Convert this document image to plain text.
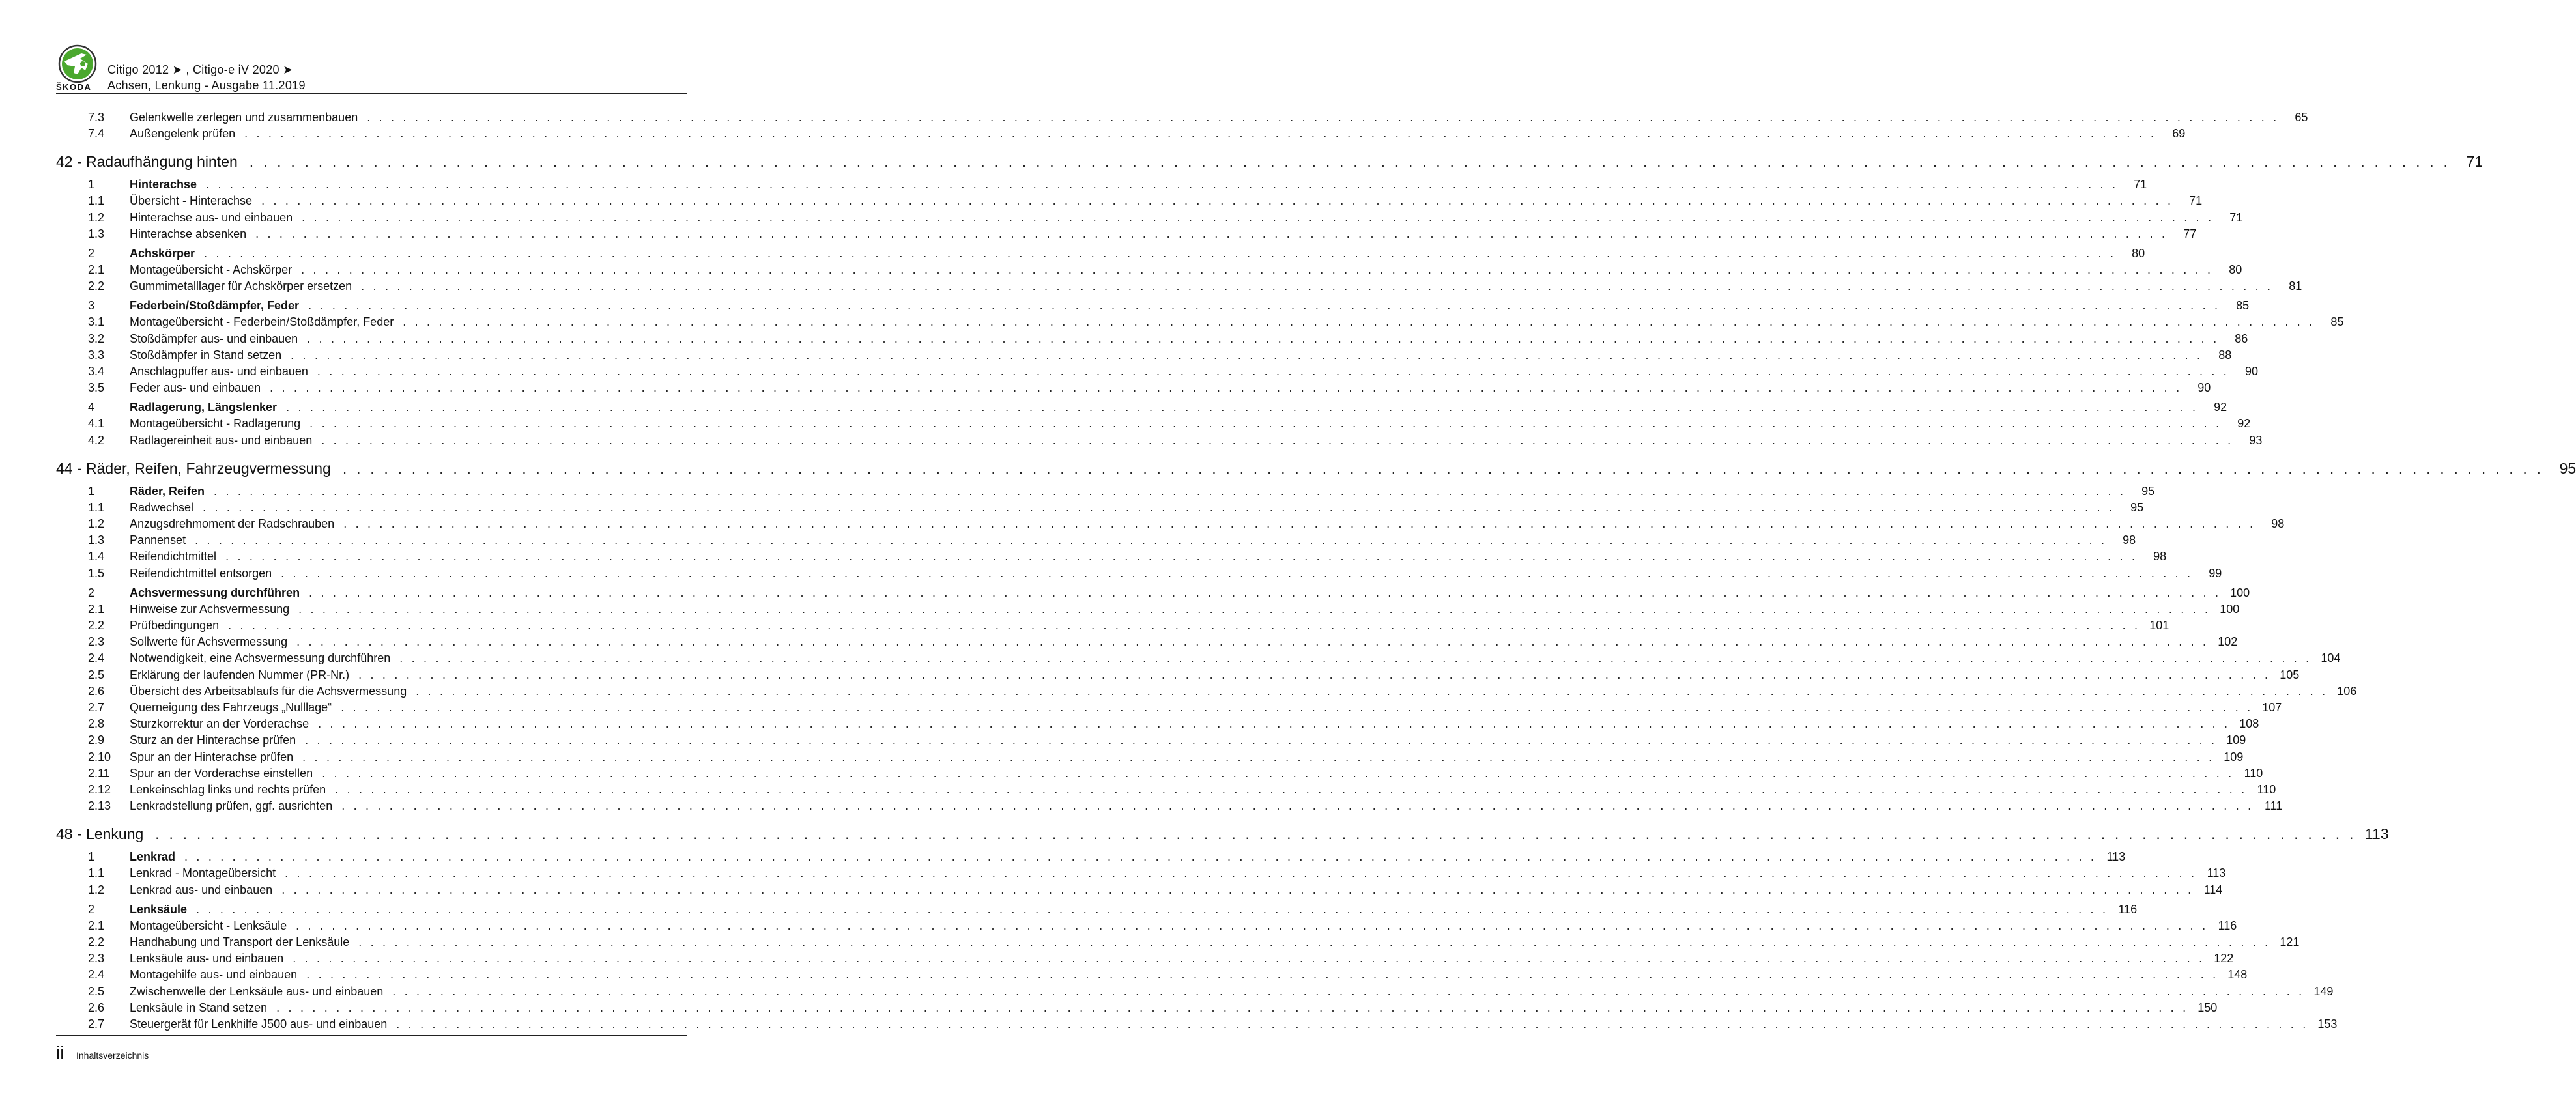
ŠKODA
Citigo 2012 ➤ , Citigo-e iV 2020 ➤
Achsen, Lenkung - Ausgabe 11.2019
7.3	Gelenkwelle zerlegen und zusammenbauen . . . . . . . . . . . . . . . . . . . . . . . . . . . . . . . . . . . . . . . . . . . . . . . . . . . . . . . . . . . . . . . . . . . . . . . . . . . . . . . . . . . . . . . . . . . . . . . . . . . . . . . . . . . . . . . . . . . . . . . . . . . . . . . . . . . . . . . . . . . . . . . . . . . . . . . . . . . . . . . .	65
7.4	Außengelenk prüfen . . . . . . . . . . . . . . . . . . . . . . . . . . . . . . . . . . . . . . . . . . . . . . . . . . . . . . . . . . . . . . . . . . . . . . . . . . . . . . . . . . . . . . . . . . . . . . . . . . . . . . . . . . . . . . . . . . . . . . . . . . . . . . . . . . . . . . . . . . . . . . . . . . . . . . . . . . . . . . . .	69
42 - Radaufhängung hinten . . . . . . . . . . . . . . . . . . . . . . . . . . . . . . . . . . . . . . . . . . . . . . . . . . . . . . . . . . . . . . . . . . . . . . . . . . . . . . . . . . . . . . . . . . . . . . . . . . . . . . . . . . . . . . . . . . . . . . . . . . . . . . . . . . . . . . . . . . . . . . . . . . . . . . . . . . . . . . . .	71
1	Hinterachse . . . . . . . . . . . . . . . . . . . . . . . . . . . . . . . . . . . . . . . . . . . . . . . . . . . . . . . . . . . . . . . . . . . . . . . . . . . . . . . . . . . . . . . . . . . . . . . . . . . . . . . . . . . . . . . . . . . . . . . . . . . . . . . . . . . . . . . . . . . . . . . . . . . . . . . . . . . . . . . .	71
1.1	Übersicht - Hinterachse . . . . . . . . . . . . . . . . . . . . . . . . . . . . . . . . . . . . . . . . . . . . . . . . . . . . . . . . . . . . . . . . . . . . . . . . . . . . . . . . . . . . . . . . . . . . . . . . . . . . . . . . . . . . . . . . . . . . . . . . . . . . . . . . . . . . . . . . . . . . . . . . . . . . . . . . . . . . . . . .	71
1.2	Hinterachse aus- und einbauen . . . . . . . . . . . . . . . . . . . . . . . . . . . . . . . . . . . . . . . . . . . . . . . . . . . . . . . . . . . . . . . . . . . . . . . . . . . . . . . . . . . . . . . . . . . . . . . . . . . . . . . . . . . . . . . . . . . . . . . . . . . . . . . . . . . . . . . . . . . . . . . . . . . . . . . . . . . . . . . .	71
1.3	Hinterachse absenken . . . . . . . . . . . . . . . . . . . . . . . . . . . . . . . . . . . . . . . . . . . . . . . . . . . . . . . . . . . . . . . . . . . . . . . . . . . . . . . . . . . . . . . . . . . . . . . . . . . . . . . . . . . . . . . . . . . . . . . . . . . . . . . . . . . . . . . . . . . . . . . . . . . . . . . . . . . . . . . .	77
2	Achskörper . . . . . . . . . . . . . . . . . . . . . . . . . . . . . . . . . . . . . . . . . . . . . . . . . . . . . . . . . . . . . . . . . . . . . . . . . . . . . . . . . . . . . . . . . . . . . . . . . . . . . . . . . . . . . . . . . . . . . . . . . . . . . . . . . . . . . . . . . . . . . . . . . . . . . . . . . . . . . . . .	80
2.1	Montageübersicht - Achskörper . . . . . . . . . . . . . . . . . . . . . . . . . . . . . . . . . . . . . . . . . . . . . . . . . . . . . . . . . . . . . . . . . . . . . . . . . . . . . . . . . . . . . . . . . . . . . . . . . . . . . . . . . . . . . . . . . . . . . . . . . . . . . . . . . . . . . . . . . . . . . . . . . . . . . . . . . . . . . . . .	80
2.2	Gummimetalllager für Achskörper ersetzen . . . . . . . . . . . . . . . . . . . . . . . . . . . . . . . . . . . . . . . . . . . . . . . . . . . . . . . . . . . . . . . . . . . . . . . . . . . . . . . . . . . . . . . . . . . . . . . . . . . . . . . . . . . . . . . . . . . . . . . . . . . . . . . . . . . . . . . . . . . . . . . . . . . . . . . . . . . . . . . .	81
3	Federbein/Stoßdämpfer, Feder . . . . . . . . . . . . . . . . . . . . . . . . . . . . . . . . . . . . . . . . . . . . . . . . . . . . . . . . . . . . . . . . . . . . . . . . . . . . . . . . . . . . . . . . . . . . . . . . . . . . . . . . . . . . . . . . . . . . . . . . . . . . . . . . . . . . . . . . . . . . . . . . . . . . . . . . . . . . . . . .	85
3.1	Montageübersicht - Federbein/Stoßdämpfer, Feder . . . . . . . . . . . . . . . . . . . . . . . . . . . . . . . . . . . . . . . . . . . . . . . . . . . . . . . . . . . . . . . . . . . . . . . . . . . . . . . . . . . . . . . . . . . . . . . . . . . . . . . . . . . . . . . . . . . . . . . . . . . . . . . . . . . . . . . . . . . . . . . . . . . . . . . . . . . . . . . .	85
3.2	Stoßdämpfer aus- und einbauen . . . . . . . . . . . . . . . . . . . . . . . . . . . . . . . . . . . . . . . . . . . . . . . . . . . . . . . . . . . . . . . . . . . . . . . . . . . . . . . . . . . . . . . . . . . . . . . . . . . . . . . . . . . . . . . . . . . . . . . . . . . . . . . . . . . . . . . . . . . . . . . . . . . . . . . . . . . . . . . .	86
3.3	Stoßdämpfer in Stand setzen . . . . . . . . . . . . . . . . . . . . . . . . . . . . . . . . . . . . . . . . . . . . . . . . . . . . . . . . . . . . . . . . . . . . . . . . . . . . . . . . . . . . . . . . . . . . . . . . . . . . . . . . . . . . . . . . . . . . . . . . . . . . . . . . . . . . . . . . . . . . . . . . . . . . . . . . . . . . . . . .	88
3.4	Anschlagpuffer aus- und einbauen . . . . . . . . . . . . . . . . . . . . . . . . . . . . . . . . . . . . . . . . . . . . . . . . . . . . . . . . . . . . . . . . . . . . . . . . . . . . . . . . . . . . . . . . . . . . . . . . . . . . . . . . . . . . . . . . . . . . . . . . . . . . . . . . . . . . . . . . . . . . . . . . . . . . . . . . . . . . . . . .	90
3.5	Feder aus- und einbauen . . . . . . . . . . . . . . . . . . . . . . . . . . . . . . . . . . . . . . . . . . . . . . . . . . . . . . . . . . . . . . . . . . . . . . . . . . . . . . . . . . . . . . . . . . . . . . . . . . . . . . . . . . . . . . . . . . . . . . . . . . . . . . . . . . . . . . . . . . . . . . . . . . . . . . . . . . . . . . . .	90
4	Radlagerung, Längslenker . . . . . . . . . . . . . . . . . . . . . . . . . . . . . . . . . . . . . . . . . . . . . . . . . . . . . . . . . . . . . . . . . . . . . . . . . . . . . . . . . . . . . . . . . . . . . . . . . . . . . . . . . . . . . . . . . . . . . . . . . . . . . . . . . . . . . . . . . . . . . . . . . . . . . . . . . . . . . . . .	92
4.1	Montageübersicht - Radlagerung . . . . . . . . . . . . . . . . . . . . . . . . . . . . . . . . . . . . . . . . . . . . . . . . . . . . . . . . . . . . . . . . . . . . . . . . . . . . . . . . . . . . . . . . . . . . . . . . . . . . . . . . . . . . . . . . . . . . . . . . . . . . . . . . . . . . . . . . . . . . . . . . . . . . . . . . . . . . . . . .	92
4.2	Radlagereinheit aus- und einbauen . . . . . . . . . . . . . . . . . . . . . . . . . . . . . . . . . . . . . . . . . . . . . . . . . . . . . . . . . . . . . . . . . . . . . . . . . . . . . . . . . . . . . . . . . . . . . . . . . . . . . . . . . . . . . . . . . . . . . . . . . . . . . . . . . . . . . . . . . . . . . . . . . . . . . . . . . . . . . . . .	93
44 - Räder, Reifen, Fahrzeugvermessung . . . . . . . . . . . . . . . . . . . . . . . . . . . . . . . . . . . . . . . . . . . . . . . . . . . . . . . . . . . . . . . . . . . . . . . . . . . . . . . . . . . . . . . . . . . . . . . . . . . . . . . . . . . . . . . . . . . . . . . . . . . . . . . . . . . . . . . . . . . . . . . . . . . . . . . . . . . . . . . .	95
1	Räder, Reifen . . . . . . . . . . . . . . . . . . . . . . . . . . . . . . . . . . . . . . . . . . . . . . . . . . . . . . . . . . . . . . . . . . . . . . . . . . . . . . . . . . . . . . . . . . . . . . . . . . . . . . . . . . . . . . . . . . . . . . . . . . . . . . . . . . . . . . . . . . . . . . . . . . . . . . . . . . . . . . . .	95
1.1	Radwechsel . . . . . . . . . . . . . . . . . . . . . . . . . . . . . . . . . . . . . . . . . . . . . . . . . . . . . . . . . . . . . . . . . . . . . . . . . . . . . . . . . . . . . . . . . . . . . . . . . . . . . . . . . . . . . . . . . . . . . . . . . . . . . . . . . . . . . . . . . . . . . . . . . . . . . . . . . . . . . . . .	95
1.2	Anzugsdrehmoment der Radschrauben . . . . . . . . . . . . . . . . . . . . . . . . . . . . . . . . . . . . . . . . . . . . . . . . . . . . . . . . . . . . . . . . . . . . . . . . . . . . . . . . . . . . . . . . . . . . . . . . . . . . . . . . . . . . . . . . . . . . . . . . . . . . . . . . . . . . . . . . . . . . . . . . . . . . . . . . . . . . . . . .	98
1.3	Pannenset . . . . . . . . . . . . . . . . . . . . . . . . . . . . . . . . . . . . . . . . . . . . . . . . . . . . . . . . . . . . . . . . . . . . . . . . . . . . . . . . . . . . . . . . . . . . . . . . . . . . . . . . . . . . . . . . . . . . . . . . . . . . . . . . . . . . . . . . . . . . . . . . . . . . . . . . . . . . . . . .	98
1.4	Reifendichtmittel . . . . . . . . . . . . . . . . . . . . . . . . . . . . . . . . . . . . . . . . . . . . . . . . . . . . . . . . . . . . . . . . . . . . . . . . . . . . . . . . . . . . . . . . . . . . . . . . . . . . . . . . . . . . . . . . . . . . . . . . . . . . . . . . . . . . . . . . . . . . . . . . . . . . . . . . . . . . . . . .	98
1.5	Reifendichtmittel entsorgen . . . . . . . . . . . . . . . . . . . . . . . . . . . . . . . . . . . . . . . . . . . . . . . . . . . . . . . . . . . . . . . . . . . . . . . . . . . . . . . . . . . . . . . . . . . . . . . . . . . . . . . . . . . . . . . . . . . . . . . . . . . . . . . . . . . . . . . . . . . . . . . . . . . . . . . . . . . . . . . .	99
2	Achsvermessung durchführen . . . . . . . . . . . . . . . . . . . . . . . . . . . . . . . . . . . . . . . . . . . . . . . . . . . . . . . . . . . . . . . . . . . . . . . . . . . . . . . . . . . . . . . . . . . . . . . . . . . . . . . . . . . . . . . . . . . . . . . . . . . . . . . . . . . . . . . . . . . . . . . . . . . . . . . . . . . . . . . . 100
2.1	Hinweise zur Achsvermessung . . . . . . . . . . . . . . . . . . . . . . . . . . . . . . . . . . . . . . . . . . . . . . . . . . . . . . . . . . . . . . . . . . . . . . . . . . . . . . . . . . . . . . . . . . . . . . . . . . . . . . . . . . . . . . . . . . . . . . . . . . . . . . . . . . . . . . . . . . . . . . . . . . . . . . . . . . . . . . . . 100
2.2	Prüfbedingungen . . . . . . . . . . . . . . . . . . . . . . . . . . . . . . . . . . . . . . . . . . . . . . . . . . . . . . . . . . . . . . . . . . . . . . . . . . . . . . . . . . . . . . . . . . . . . . . . . . . . . . . . . . . . . . . . . . . . . . . . . . . . . . . . . . . . . . . . . . . . . . . . . . . . . . . . . . . . . . . . 101
2.3	Sollwerte für Achsvermessung . . . . . . . . . . . . . . . . . . . . . . . . . . . . . . . . . . . . . . . . . . . . . . . . . . . . . . . . . . . . . . . . . . . . . . . . . . . . . . . . . . . . . . . . . . . . . . . . . . . . . . . . . . . . . . . . . . . . . . . . . . . . . . . . . . . . . . . . . . . . . . . . . . . . . . . . . . . . . . . . 102
2.4	Notwendigkeit, eine Achsvermessung durchführen . . . . . . . . . . . . . . . . . . . . . . . . . . . . . . . . . . . . . . . . . . . . . . . . . . . . . . . . . . . . . . . . . . . . . . . . . . . . . . . . . . . . . . . . . . . . . . . . . . . . . . . . . . . . . . . . . . . . . . . . . . . . . . . . . . . . . . . . . . . . . . . . . . . . . . . . . . . . . . . . 104
2.5	Erklärung der laufenden Nummer (PR-Nr.) . . . . . . . . . . . . . . . . . . . . . . . . . . . . . . . . . . . . . . . . . . . . . . . . . . . . . . . . . . . . . . . . . . . . . . . . . . . . . . . . . . . . . . . . . . . . . . . . . . . . . . . . . . . . . . . . . . . . . . . . . . . . . . . . . . . . . . . . . . . . . . . . . . . . . . . . . . . . . . . . 105
2.6	Übersicht des Arbeitsablaufs für die Achsvermessung . . . . . . . . . . . . . . . . . . . . . . . . . . . . . . . . . . . . . . . . . . . . . . . . . . . . . . . . . . . . . . . . . . . . . . . . . . . . . . . . . . . . . . . . . . . . . . . . . . . . . . . . . . . . . . . . . . . . . . . . . . . . . . . . . . . . . . . . . . . . . . . . . . . . . . . . . . . . . . . . 106
2.7	Querneigung des Fahrzeugs „Nulllage“ . . . . . . . . . . . . . . . . . . . . . . . . . . . . . . . . . . . . . . . . . . . . . . . . . . . . . . . . . . . . . . . . . . . . . . . . . . . . . . . . . . . . . . . . . . . . . . . . . . . . . . . . . . . . . . . . . . . . . . . . . . . . . . . . . . . . . . . . . . . . . . . . . . . . . . . . . . . . . . . . 107
2.8	Sturzkorrektur an der Vorderachse . . . . . . . . . . . . . . . . . . . . . . . . . . . . . . . . . . . . . . . . . . . . . . . . . . . . . . . . . . . . . . . . . . . . . . . . . . . . . . . . . . . . . . . . . . . . . . . . . . . . . . . . . . . . . . . . . . . . . . . . . . . . . . . . . . . . . . . . . . . . . . . . . . . . . . . . . . . . . . . . 108
2.9	Sturz an der Hinterachse prüfen . . . . . . . . . . . . . . . . . . . . . . . . . . . . . . . . . . . . . . . . . . . . . . . . . . . . . . . . . . . . . . . . . . . . . . . . . . . . . . . . . . . . . . . . . . . . . . . . . . . . . . . . . . . . . . . . . . . . . . . . . . . . . . . . . . . . . . . . . . . . . . . . . . . . . . . . . . . . . . . . 109
2.10	Spur an der Hinterachse prüfen . . . . . . . . . . . . . . . . . . . . . . . . . . . . . . . . . . . . . . . . . . . . . . . . . . . . . . . . . . . . . . . . . . . . . . . . . . . . . . . . . . . . . . . . . . . . . . . . . . . . . . . . . . . . . . . . . . . . . . . . . . . . . . . . . . . . . . . . . . . . . . . . . . . . . . . . . . . . . . . . 109
2.11	Spur an der Vorderachse einstellen . . . . . . . . . . . . . . . . . . . . . . . . . . . . . . . . . . . . . . . . . . . . . . . . . . . . . . . . . . . . . . . . . . . . . . . . . . . . . . . . . . . . . . . . . . . . . . . . . . . . . . . . . . . . . . . . . . . . . . . . . . . . . . . . . . . . . . . . . . . . . . . . . . . . . . . . . . . . . . . . 110
2.12	Lenkeinschlag links und rechts prüfen . . . . . . . . . . . . . . . . . . . . . . . . . . . . . . . . . . . . . . . . . . . . . . . . . . . . . . . . . . . . . . . . . . . . . . . . . . . . . . . . . . . . . . . . . . . . . . . . . . . . . . . . . . . . . . . . . . . . . . . . . . . . . . . . . . . . . . . . . . . . . . . . . . . . . . . . . . . . . . . . 110
2.13	Lenkradstellung prüfen, ggf. ausrichten . . . . . . . . . . . . . . . . . . . . . . . . . . . . . . . . . . . . . . . . . . . . . . . . . . . . . . . . . . . . . . . . . . . . . . . . . . . . . . . . . . . . . . . . . . . . . . . . . . . . . . . . . . . . . . . . . . . . . . . . . . . . . . . . . . . . . . . . . . . . . . . . . . . . . . . . . . . . . . . . 111
48 - Lenkung . . . . . . . . . . . . . . . . . . . . . . . . . . . . . . . . . . . . . . . . . . . . . . . . . . . . . . . . . . . . . . . . . . . . . . . . . . . . . . . . . . . . . . . . . . . . . . . . . . . . . . . . . . . . . . . . . . . . . . . . . . . . . . . . . . . . . . . . . . . . . . . . . . . . . . . . . . . . . . . . 113
1	Lenkrad . . . . . . . . . . . . . . . . . . . . . . . . . . . . . . . . . . . . . . . . . . . . . . . . . . . . . . . . . . . . . . . . . . . . . . . . . . . . . . . . . . . . . . . . . . . . . . . . . . . . . . . . . . . . . . . . . . . . . . . . . . . . . . . . . . . . . . . . . . . . . . . . . . . . . . . . . . . . . . . . 113
1.1	Lenkrad - Montageübersicht . . . . . . . . . . . . . . . . . . . . . . . . . . . . . . . . . . . . . . . . . . . . . . . . . . . . . . . . . . . . . . . . . . . . . . . . . . . . . . . . . . . . . . . . . . . . . . . . . . . . . . . . . . . . . . . . . . . . . . . . . . . . . . . . . . . . . . . . . . . . . . . . . . . . . . . . . . . . . . . . 113
1.2	Lenkrad aus- und einbauen . . . . . . . . . . . . . . . . . . . . . . . . . . . . . . . . . . . . . . . . . . . . . . . . . . . . . . . . . . . . . . . . . . . . . . . . . . . . . . . . . . . . . . . . . . . . . . . . . . . . . . . . . . . . . . . . . . . . . . . . . . . . . . . . . . . . . . . . . . . . . . . . . . . . . . . . . . . . . . . . 114
2	Lenksäule . . . . . . . . . . . . . . . . . . . . . . . . . . . . . . . . . . . . . . . . . . . . . . . . . . . . . . . . . . . . . . . . . . . . . . . . . . . . . . . . . . . . . . . . . . . . . . . . . . . . . . . . . . . . . . . . . . . . . . . . . . . . . . . . . . . . . . . . . . . . . . . . . . . . . . . . . . . . . . . . 116
2.1	Montageübersicht - Lenksäule . . . . . . . . . . . . . . . . . . . . . . . . . . . . . . . . . . . . . . . . . . . . . . . . . . . . . . . . . . . . . . . . . . . . . . . . . . . . . . . . . . . . . . . . . . . . . . . . . . . . . . . . . . . . . . . . . . . . . . . . . . . . . . . . . . . . . . . . . . . . . . . . . . . . . . . . . . . . . . . . 116
2.2	Handhabung und Transport der Lenksäule . . . . . . . . . . . . . . . . . . . . . . . . . . . . . . . . . . . . . . . . . . . . . . . . . . . . . . . . . . . . . . . . . . . . . . . . . . . . . . . . . . . . . . . . . . . . . . . . . . . . . . . . . . . . . . . . . . . . . . . . . . . . . . . . . . . . . . . . . . . . . . . . . . . . . . . . . . . . . . . . 121
2.3	Lenksäule aus- und einbauen . . . . . . . . . . . . . . . . . . . . . . . . . . . . . . . . . . . . . . . . . . . . . . . . . . . . . . . . . . . . . . . . . . . . . . . . . . . . . . . . . . . . . . . . . . . . . . . . . . . . . . . . . . . . . . . . . . . . . . . . . . . . . . . . . . . . . . . . . . . . . . . . . . . . . . . . . . . . . . . . 122
2.4	Montagehilfe aus- und einbauen . . . . . . . . . . . . . . . . . . . . . . . . . . . . . . . . . . . . . . . . . . . . . . . . . . . . . . . . . . . . . . . . . . . . . . . . . . . . . . . . . . . . . . . . . . . . . . . . . . . . . . . . . . . . . . . . . . . . . . . . . . . . . . . . . . . . . . . . . . . . . . . . . . . . . . . . . . . . . . . . 148
2.5	Zwischenwelle der Lenksäule aus- und einbauen . . . . . . . . . . . . . . . . . . . . . . . . . . . . . . . . . . . . . . . . . . . . . . . . . . . . . . . . . . . . . . . . . . . . . . . . . . . . . . . . . . . . . . . . . . . . . . . . . . . . . . . . . . . . . . . . . . . . . . . . . . . . . . . . . . . . . . . . . . . . . . . . . . . . . . . . . . . . . . . . 149
2.6	Lenksäule in Stand setzen . . . . . . . . . . . . . . . . . . . . . . . . . . . . . . . . . . . . . . . . . . . . . . . . . . . . . . . . . . . . . . . . . . . . . . . . . . . . . . . . . . . . . . . . . . . . . . . . . . . . . . . . . . . . . . . . . . . . . . . . . . . . . . . . . . . . . . . . . . . . . . . . . . . . . . . . . . . . . . . . 150
2.7	Steuergerät für Lenkhilfe J500 aus- und einbauen . . . . . . . . . . . . . . . . . . . . . . . . . . . . . . . . . . . . . . . . . . . . . . . . . . . . . . . . . . . . . . . . . . . . . . . . . . . . . . . . . . . . . . . . . . . . . . . . . . . . . . . . . . . . . . . . . . . . . . . . . . . . . . . . . . . . . . . . . . . . . . . . . . . . . . . . . . . . . . . . 153
ii Inhaltsverzeichnis
